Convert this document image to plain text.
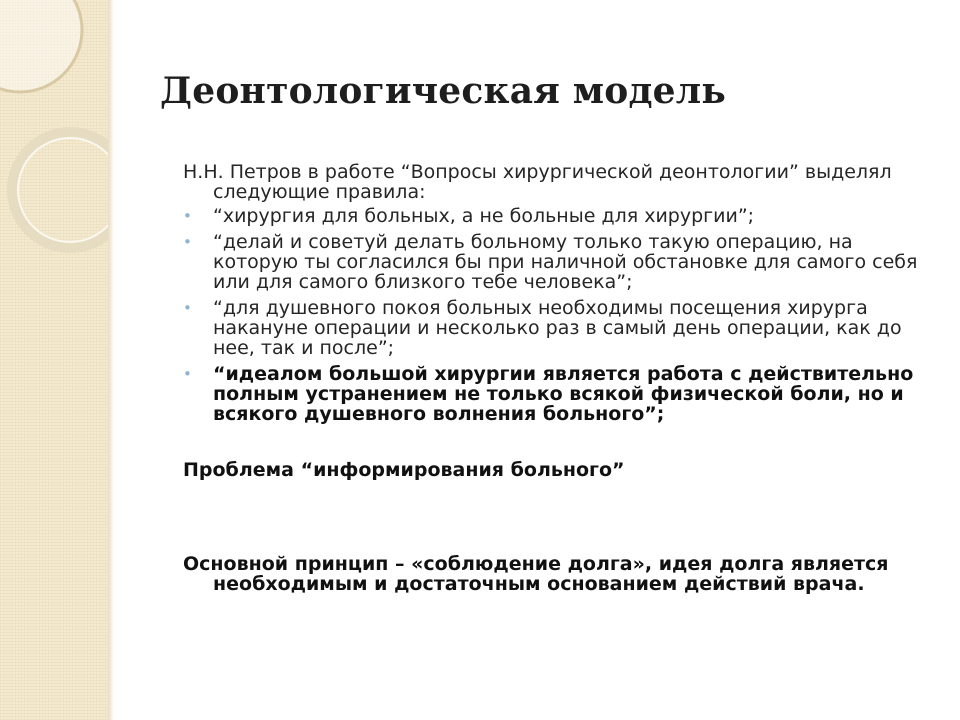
Деонтологическая модель

Н.Н. Петров в работе “Вопросы хирургической деонтологии” выделял следующие правила:

• “хирургия для больных, а не больные для хирургии”;
• “делай и советуй делать больному только такую операцию, на которую ты согласился бы при наличной обстановке для самого себя или для самого близкого тебе человека”;
• “для душевного покоя больных необходимы посещения хирурга накануне операции и несколько раз в самый день операции, как до нее, так и после”;
• “идеалом большой хирургии является работа с действительно полным устранением не только всякой физической боли, но и всякого душевного волнения больного”;

Проблема “информирования больного”

Основной принцип – «соблюдение долга», идея долга является необходимым и достаточным основанием действий врача.
